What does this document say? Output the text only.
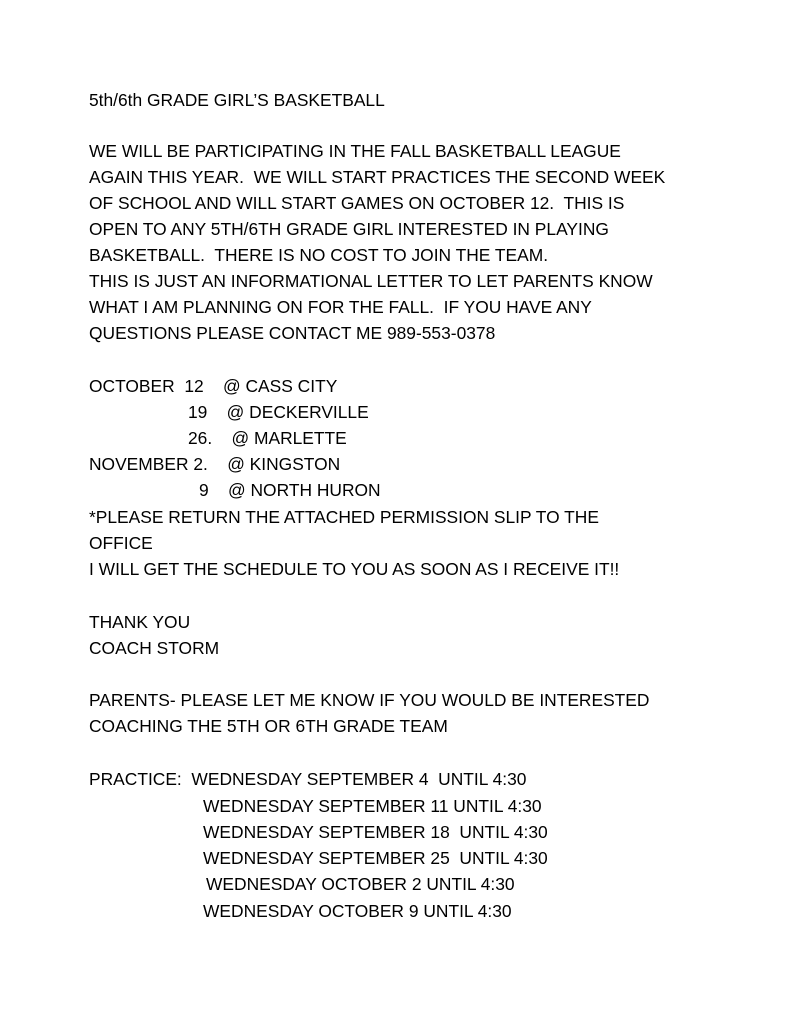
5th/6th GRADE GIRL’S BASKETBALL
WE WILL BE PARTICIPATING IN THE FALL BASKETBALL LEAGUE
AGAIN THIS YEAR.  WE WILL START PRACTICES THE SECOND WEEK
OF SCHOOL AND WILL START GAMES ON OCTOBER 12.  THIS IS
OPEN TO ANY 5TH/6TH GRADE GIRL INTERESTED IN PLAYING
BASKETBALL.  THERE IS NO COST TO JOIN THE TEAM.
THIS IS JUST AN INFORMATIONAL LETTER TO LET PARENTS KNOW
WHAT I AM PLANNING ON FOR THE FALL.  IF YOU HAVE ANY
QUESTIONS PLEASE CONTACT ME 989-553-0378
OCTOBER  12    @ CASS CITY
19    @ DECKERVILLE
26.    @ MARLETTE
NOVEMBER 2.    @ KINGSTON
9    @ NORTH HURON
*PLEASE RETURN THE ATTACHED PERMISSION SLIP TO THE
OFFICE
I WILL GET THE SCHEDULE TO YOU AS SOON AS I RECEIVE IT!!
THANK YOU
COACH STORM
PARENTS- PLEASE LET ME KNOW IF YOU WOULD BE INTERESTED
COACHING THE 5TH OR 6TH GRADE TEAM
PRACTICE:  WEDNESDAY SEPTEMBER 4  UNTIL 4:30
WEDNESDAY SEPTEMBER 11 UNTIL 4:30
WEDNESDAY SEPTEMBER 18  UNTIL 4:30
WEDNESDAY SEPTEMBER 25  UNTIL 4:30
WEDNESDAY OCTOBER 2 UNTIL 4:30
WEDNESDAY OCTOBER 9 UNTIL 4:30
